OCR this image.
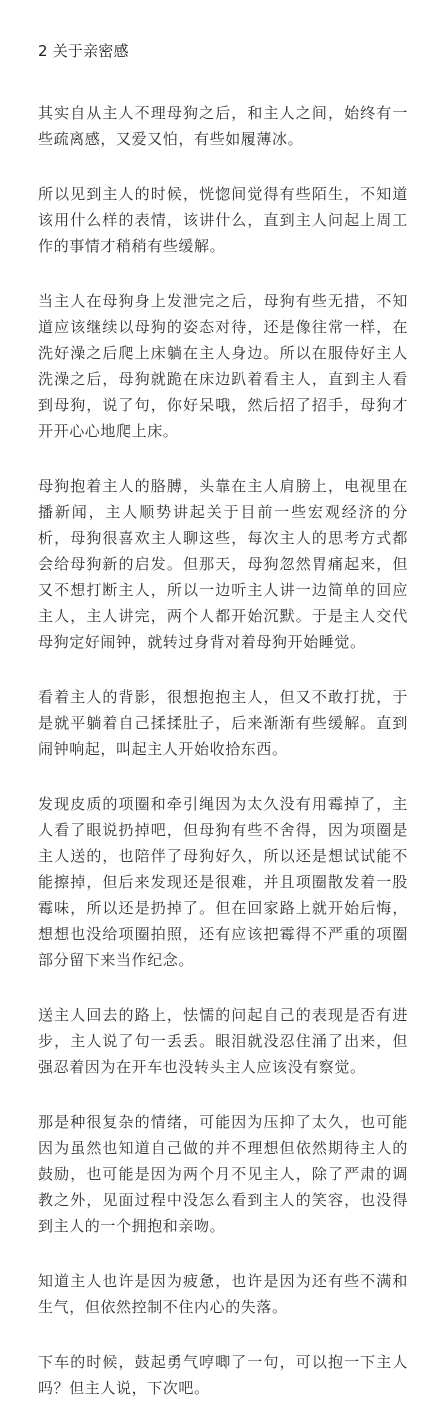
2 关于亲密感

其实自从主人不理母狗之后，和主人之间，始终有一些疏离感，又爱又怕，有些如履薄冰。

所以见到主人的时候，恍惚间觉得有些陌生，不知道该用什么样的表情，该讲什么，直到主人问起上周工作的事情才稍稍有些缓解。

当主人在母狗身上发泄完之后，母狗有些无措，不知道应该继续以母狗的姿态对待，还是像往常一样，在洗好澡之后爬上床躺在主人身边。所以在服侍好主人洗澡之后，母狗就跪在床边趴着看主人，直到主人看到母狗，说了句，你好呆哦，然后招了招手，母狗才开开心心地爬上床。

母狗抱着主人的胳膊，头靠在主人肩膀上，电视里在播新闻，主人顺势讲起关于目前一些宏观经济的分析，母狗很喜欢主人聊这些，每次主人的思考方式都会给母狗新的启发。但那天，母狗忽然胃痛起来，但又不想打断主人，所以一边听主人讲一边简单的回应主人，主人讲完，两个人都开始沉默。于是主人交代母狗定好闹钟，就转过身背对着母狗开始睡觉。

看着主人的背影，很想抱抱主人，但又不敢打扰，于是就平躺着自己揉揉肚子，后来渐渐有些缓解。直到闹钟响起，叫起主人开始收拾东西。

发现皮质的项圈和牵引绳因为太久没有用霉掉了，主人看了眼说扔掉吧，但母狗有些不舍得，因为项圈是主人送的，也陪伴了母狗好久，所以还是想试试能不能擦掉，但后来发现还是很难，并且项圈散发着一股霉味，所以还是扔掉了。但在回家路上就开始后悔，想想也没给项圈拍照，还有应该把霉得不严重的项圈部分留下来当作纪念。

送主人回去的路上，怯懦的问起自己的表现是否有进步，主人说了句一丢丢。眼泪就没忍住涌了出来，但强忍着因为在开车也没转头主人应该没有察觉。

那是种很复杂的情绪，可能因为压抑了太久，也可能因为虽然也知道自己做的并不理想但依然期待主人的鼓励，也可能是因为两个月不见主人，除了严肃的调教之外，见面过程中没怎么看到主人的笑容，也没得到主人的一个拥抱和亲吻。

知道主人也许是因为疲惫，也许是因为还有些不满和生气，但依然控制不住内心的失落。

下车的时候，鼓起勇气哼唧了一句，可以抱一下主人吗？但主人说，下次吧。
